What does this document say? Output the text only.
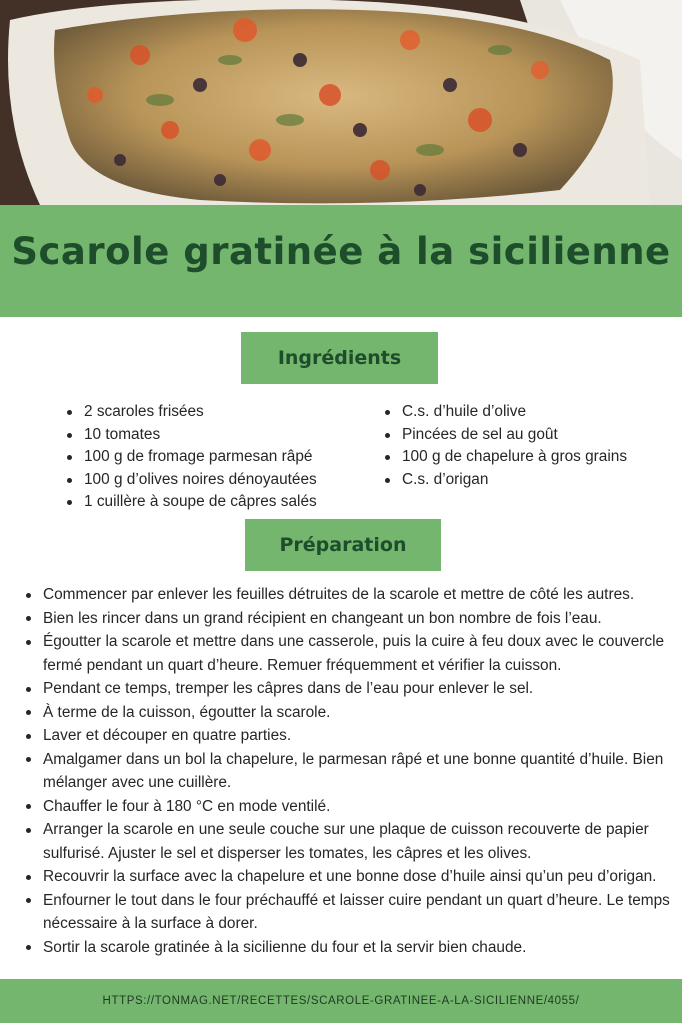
Scarole gratinée à la sicilienne
Ingrédients
2 scaroles frisées
10 tomates
100 g de fromage parmesan râpé
100 g d’olives noires dénoyautées
1 cuillère à soupe de câpres salés
C.s. d’huile d’olive
Pincées de sel au goût
100 g de chapelure à gros grains
C.s. d’origan
Préparation
Commencer par enlever les feuilles détruites de la scarole et mettre de côté les autres.
Bien les rincer dans un grand récipient en changeant un bon nombre de fois l’eau.
Égoutter la scarole et mettre dans une casserole, puis la cuire à feu doux avec le couvercle fermé pendant un quart d’heure. Remuer fréquemment et vérifier la cuisson.
Pendant ce temps, tremper les câpres dans de l’eau pour enlever le sel.
À terme de la cuisson, égoutter la scarole.
Laver et découper en quatre parties.
Amalgamer dans un bol la chapelure, le parmesan râpé et une bonne quantité d’huile. Bien mélanger avec une cuillère.
Chauffer le four à 180 °C en mode ventilé.
Arranger la scarole en une seule couche sur une plaque de cuisson recouverte de papier sulfurisé. Ajuster le sel et disperser les tomates, les câpres et les olives.
Recouvrir la surface avec la chapelure et une bonne dose d’huile ainsi qu’un peu d’origan.
Enfourner le tout dans le four préchauffé et laisser cuire pendant un quart d’heure. Le temps nécessaire à la surface à dorer.
Sortir la scarole gratinée à la sicilienne du four et la servir bien chaude.
HTTPS://TONMAG.NET/RECETTES/SCAROLE-GRATINEE-A-LA-SICILIENNE/4055/
